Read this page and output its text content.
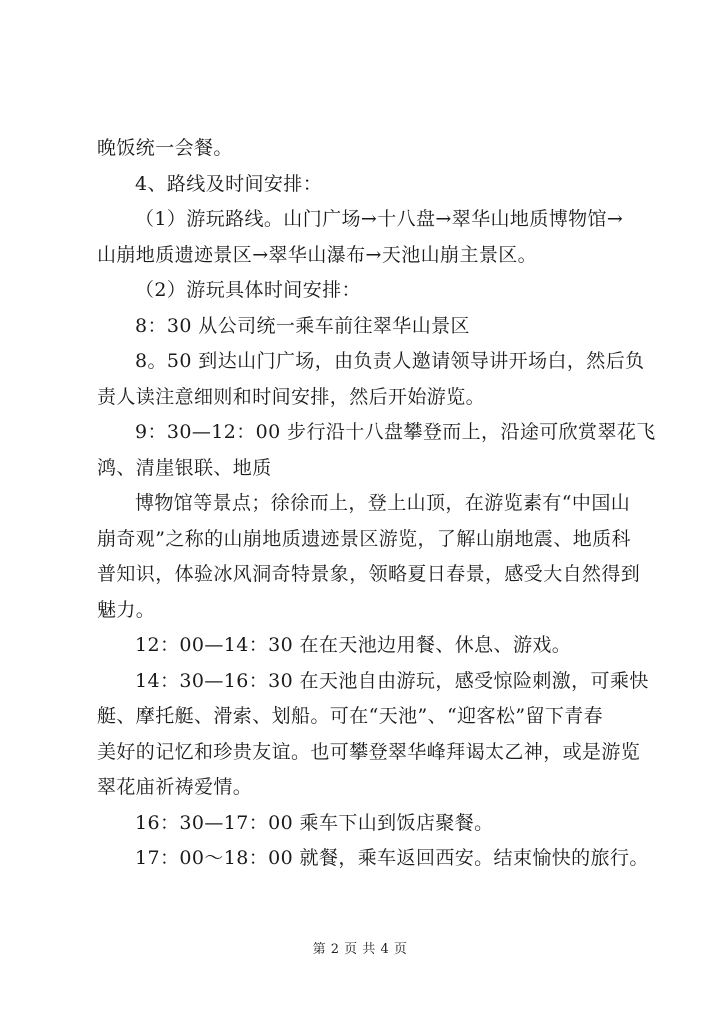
晚饭统一会餐。
4、路线及时间安排：
（1）游玩路线。山门广场→十八盘→翠华山地质博物馆→
山崩地质遗迹景区→翠华山瀑布→天池山崩主景区。
（2）游玩具体时间安排：
8：30 从公司统一乘车前往翠华山景区
8。50 到达山门广场，由负责人邀请领导讲开场白，然后负
责人读注意细则和时间安排，然后开始游览。
9：30—12：00 步行沿十八盘攀登而上，沿途可欣赏翠花飞
鸿、清崖银联、地质
博物馆等景点；徐徐而上，登上山顶，在游览素有“中国山
崩奇观”之称的山崩地质遗迹景区游览，了解山崩地震、地质科
普知识，体验冰风洞奇特景象，领略夏日春景，感受大自然得到
魅力。
12：00—14：30 在在天池边用餐、休息、游戏。
14：30—16：30 在天池自由游玩，感受惊险刺激，可乘快
艇、摩托艇、滑索、划船。可在“天池”、“迎客松”留下青春
美好的记忆和珍贵友谊。也可攀登翠华峰拜谒太乙神，或是游览
翠花庙祈祷爱情。
16：30—17：00 乘车下山到饭店聚餐。
17：00～18：00 就餐，乘车返回西安。结束愉快的旅行。
第 2 页 共 4 页
